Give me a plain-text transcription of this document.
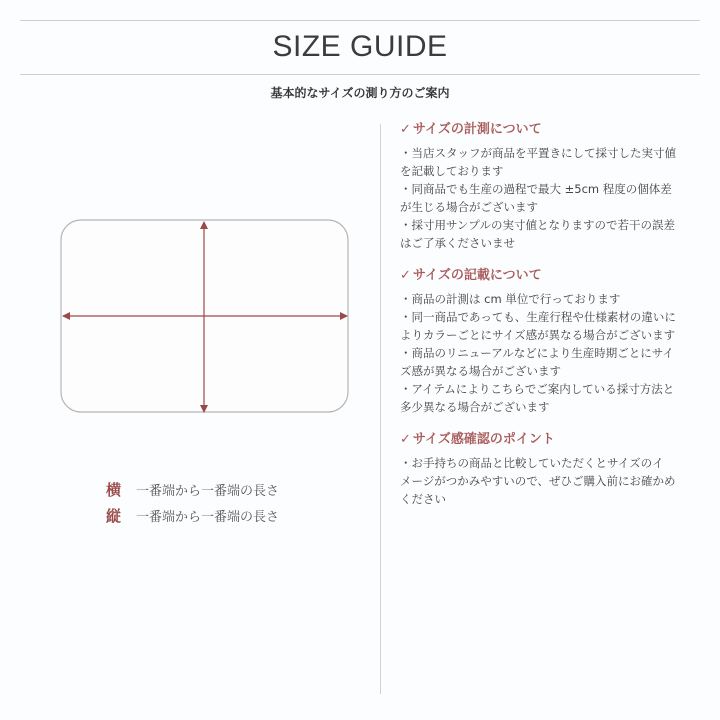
SIZE GUIDE
基本的なサイズの測り方のご案内
横	一番端から一番端の長さ
縦	一番端から一番端の長さ
✓ サイズの計測について
・当店スタッフが商品を平置きにして採寸した実寸値
を記載しております
・同商品でも生産の過程で最大 ±5cm 程度の個体差
が生じる場合がございます
・採寸用サンプルの実寸値となりますので若干の誤差
はご了承くださいませ
✓ サイズの記載について
・商品の計測は cm 単位で行っております
・同一商品であっても、生産行程や仕様素材の違いに
よりカラーごとにサイズ感が異なる場合がございます
・商品のリニューアルなどにより生産時期ごとにサイ
ズ感が異なる場合がございます
・アイテムによりこちらでご案内している採寸方法と
多少異なる場合がございます
✓ サイズ感確認のポイント
・お手持ちの商品と比較していただくとサイズのイ
メージがつかみやすいので、ぜひご購入前にお確かめ
ください
